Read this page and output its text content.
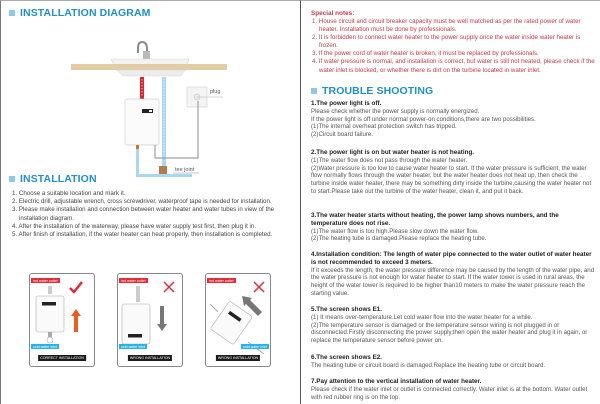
INSTALLATION DIAGRAM
plug
tee joint
INSTALLATION
1. Choose a suitable location and mark it.
2. Electric drill, adjustable wrench, cross screwdriver, waterproof tape is needed for installation.
3. Please make installation and connection between water heater and water tubes in view of the installation diagram.
4. After the installation of the waterway, please have water supply test first, then plug it in.
5. After finish of installation, if the water heater can heat properly, then installation is completed.
hot water outlet
cold water inlet
CORRECT INSTALLATION
hot water outlet
cold water inlet
WRONG INSTALLATION
hot water outlet
cold water inlet
WRONG INSTALLATION
Special notes：
1. House circuit and circuit breaker capacity must be well matched as per the rated power of water heater. Installation must be done by professionals.
2. It is forbidden to connect water heater to the power supply once the water inside water heater is frozen.
3. If the power cord of water heater is broken, it must be replaced by professionals.
4. If water pressure is normal, and installation is correct, but water is still not heated, please check if the water inlet is blocked, or whether there is dirt on the turbine located in water inlet.
TROUBLE SHOOTING
1.The power light is off.
Please check whether the power supply is normally energized.
If the power light is off under normal power-on conditions,there are two possibilities.
(1)The internal overheat protection switch has tripped.
(2)Circuit board failure.
2.The power light is on but water heater is not heating.
(1)The water flow does not pass through the water heater.
(2)Water pressure is too low to cause water heater to start. If the water pressure is sufficient, the water flow normally flows through the water heater, but the water heater does not heat up, then check the turbine inside water heater, there may be something dirty inside the turbine,causing the water heater not to start.Please take out the turbine of the water heater, clean it, and put it back.
3.The water heater starts without heating, the power lamp shows numbers, and the temperature does not rise.
(1)The water flow is too high.Please slow down the water flow.
(2)The heating tube is damaged.Please replace the heating tube.
4.Installation condition: The length of water pipe connected to the water outlet of water heater is not recommended to exceed 3 meters.
If it exceeds the length, the water pressure difference may be caused by the length of the water pipe, and the water pressure is not enough for water heater to start. If the water tower is used in rural areas, the height of the water tower is required to be higher than10 meters to make the water pressure reach the starting value.
5.The screen shows E1.
(1) It means over-temperature.Let cold water flow into the water heater for a while.
(2)The temperature sensor is damaged or the temperature sensor wiring is not plugged in or disconnected.Firstly disconnecting the power supply,then open the water heater and plug it in again, or replace the temperature sensor before power on.
6.The screen shows E2.
The heating tube or circuit board is damaged.Replace the heating tube or circuit board.
7.Pay attention to the vertical installation of water heater.
Please check if the water inlet or outlet is connected correctly. Water inlet is at the bottom. Water outlet with red rubber ring is on the top.
